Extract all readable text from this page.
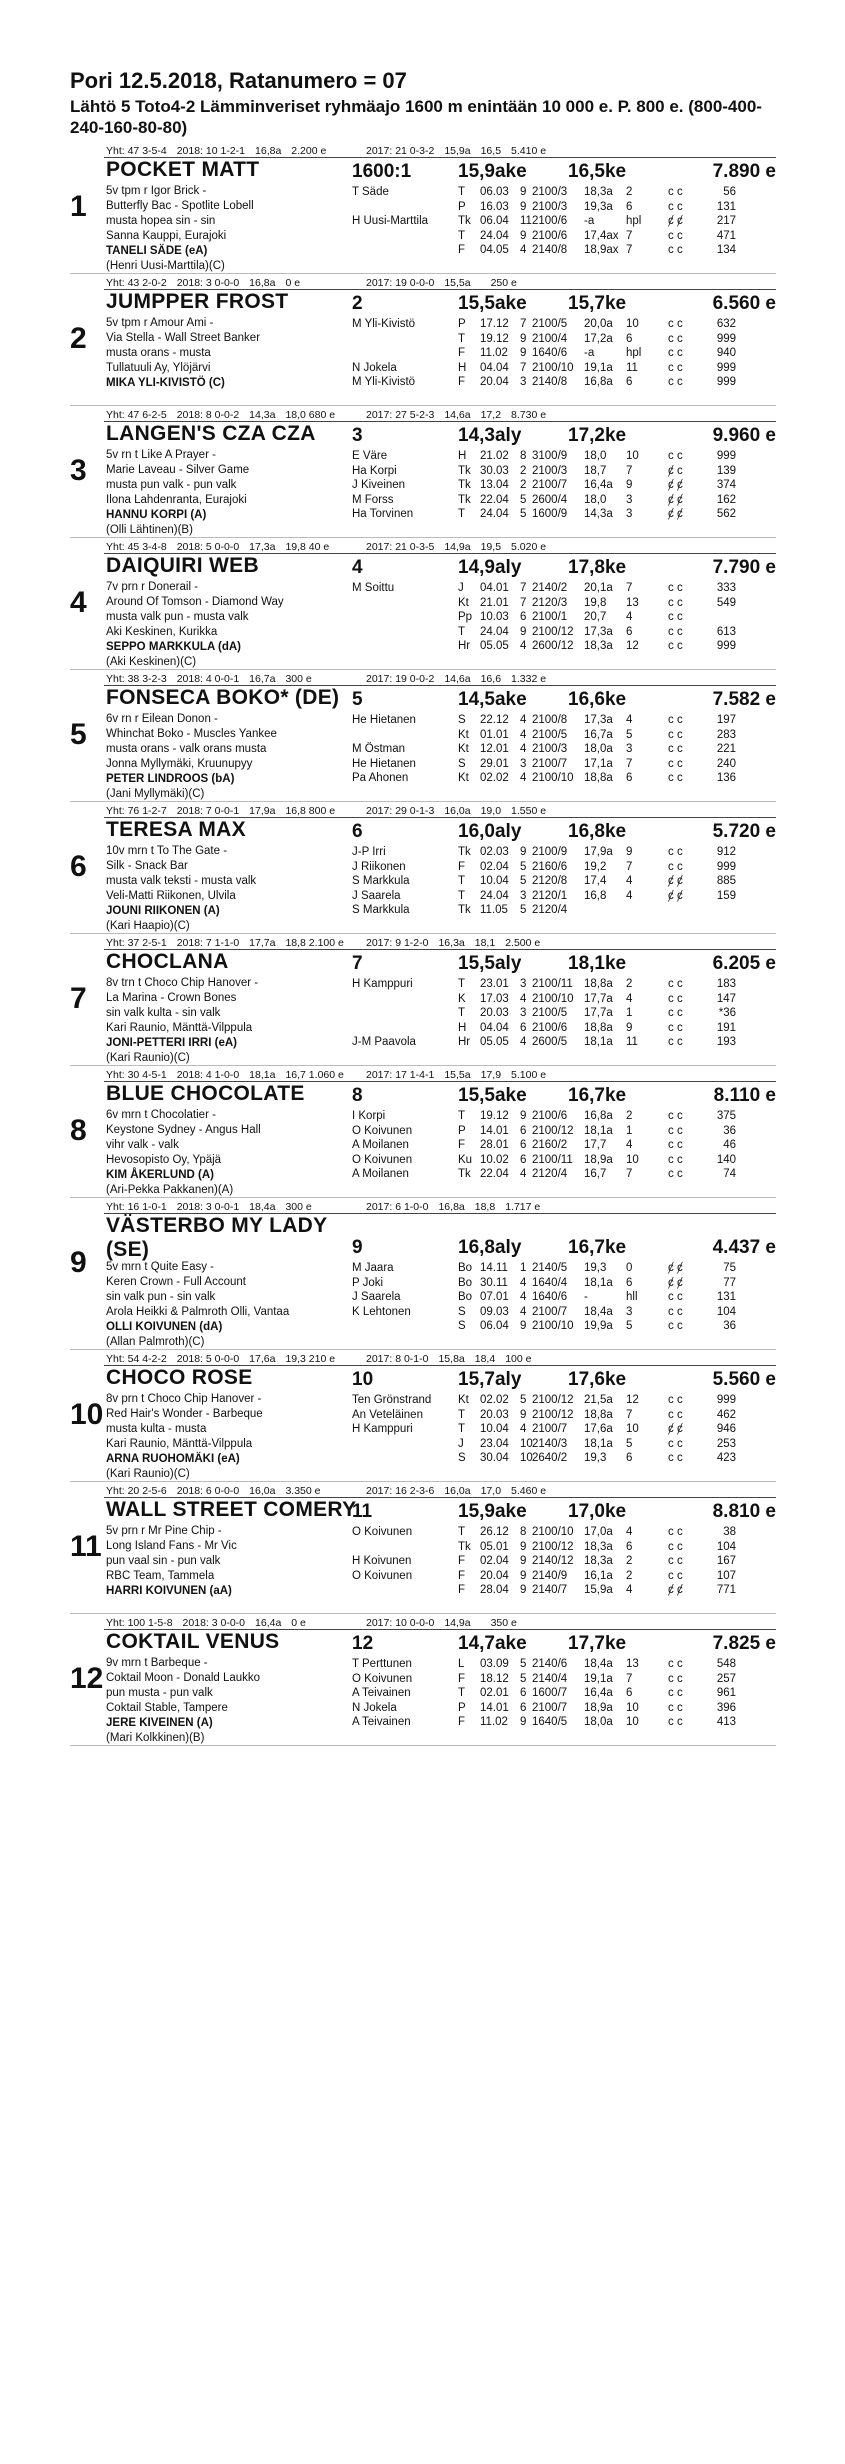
Pori 12.5.2018, Ratanumero = 07
Lähtö 5 Toto4-2 Lämminveriset ryhmäajo 1600 m enintään 10 000 e. P. 800 e. (800-400-240-160-80-80)
Yht: 47 3-5-4 2018: 10 1-2-1 16,8a 2.200 e	2017: 21 0-3-2 15,9a 16,5 5.410 e
1
POCKET MATT	1600:1 15,9ake 16,5ke	7.890 e
5v tpm r Igor Brick -
Butterfly Bac - Spotlite Lobell
musta hopea sin - sin
Sanna Kauppi, Eurajoki
TANELI SÄDE (eA)
(Henri Uusi-Marttila)(C)
T Säde	T 06.03 9 2100/3 18,3a 2	c c	56
P 16.03 9 2100/3 19,3a 6	c c	131
H Uusi-Marttila	Tk 06.04 11 2100/6 -a	hpl ȼ ȼ	217
T 24.04 9 2100/6 17,4ax 7	c c	471
F 04.05 4 2140/8 18,9ax 7	c c	134
Yht: 43 2-0-2 2018: 3 0-0-0 16,8a 0 e	2017: 19 0-0-0 15,5a 250 e
2
JUMPPER FROST	2	15,5ake 15,7ke	6.560 e
5v tpm r Amour Ami -
Via Stella - Wall Street Banker
musta orans - musta
Tullatuuli Ay, Ylöjärvi
MIKA YLI-KIVISTÖ (C)
M Yli-Kivistö	P 17.12 7 2100/5 20,0a 10	c c	632
T 19.12 9 2100/4 17,2a 6	c c	999
F 11.02 9 1640/6 -a	hpl c c	940
N Jokela	H 04.04 7 2100/10 19,1a 11	c c	999
M Yli-Kivistö	F 20.04 3 2140/8 16,8a 6	c c	999
Yht: 47 6-2-5 2018: 8 0-0-2 14,3a 18,0 680 e	2017: 27 5-2-3 14,6a 17,2 8.730 e
3
LANGEN'S CZA CZA 3	14,3aly 17,2ke	9.960 e
5v rn t Like A Prayer -
Marie Laveau - Silver Game
musta pun valk - pun valk
Ilona Lahdenranta, Eurajoki
HANNU KORPI (A)
(Olli Lähtinen)(B)
E Väre	H 21.02 8 3100/9 18,0 10	c c	999
Ha Korpi	Tk 30.03 2 2100/3 18,7 7	ȼ c	139
J Kiveinen	Tk 13.04 2 2100/7 16,4a 9	ȼ ȼ	374
M Forss	Tk 22.04 5 2600/4 18,0 3	ȼ ȼ	162
Ha Torvinen	T 24.04 5 1600/9 14,3a 3	ȼ ȼ	562
Yht: 45 3-4-8 2018: 5 0-0-0 17,3a 19,8 40 e	2017: 21 0-3-5 14,9a 19,5 5.020 e
4
DAIQUIRI WEB	4	14,9aly 17,8ke	7.790 e
7v prn r Donerail -
Around Of Tomson - Diamond Way
musta valk pun - musta valk
Aki Keskinen, Kurikka
SEPPO MARKKULA (dA)
(Aki Keskinen)(C)
M Soittu	J 04.01 7 2140/2 20,1a 7	c c	333
Kt 21.01 7 2120/3 19,8 13	c c	549
Pp 10.03 6 2100/1 20,7 4	c c
T 24.04 9 2100/12 17,3a 6	c c	613
Hr 05.05 4 2600/12 18,3a 12	c c	999
Yht: 38 3-2-3 2018: 4 0-0-1 16,7a 300 e	2017: 19 0-0-2 14,6a 16,6 1.332 e
5
FONSECA BOKO* (DE) 5	14,5ake 16,6ke	7.582 e
6v rn r Eilean Donon -
Whinchat Boko - Muscles Yankee
musta orans - valk orans musta
Jonna Myllymäki, Kruunupyy
PETER LINDROOS (bA)
(Jani Myllymäki)(C)
He Hietanen	S 22.12 4 2100/8 17,3a 4	c c	197
Kt 01.01 4 2100/5 16,7a 5	c c	283
M Östman	Kt 12.01 4 2100/3 18,0a 3	c c	221
He Hietanen	S 29.01 3 2100/7 17,1a 7	c c	240
Pa Ahonen	Kt 02.02 4 2100/10 18,8a 6	c c	136
Yht: 76 1-2-7 2018: 7 0-0-1 17,9a 16,8 800 e	2017: 29 0-1-3 16,0a 19,0 1.550 e
6
TERESA MAX	6	16,0aly 16,8ke	5.720 e
10v mrn t To The Gate -
Silk - Snack Bar
musta valk teksti - musta valk
Veli-Matti Riikonen, Ulvila
JOUNI RIIKONEN (A)
(Kari Haapio)(C)
J-P Irri	Tk 02.03 9 2100/9 17,9a 9	c c	912
J Riikonen	F 02.04 5 2160/6 19,2 7	c c	999
S Markkula	T 10.04 5 2120/8 17,4 4	ȼ ȼ	885
J Saarela	T 24.04 3 2120/1 16,8 4	ȼ ȼ	159
S Markkula	Tk 11.05 5 2120/4
Yht: 37 2-5-1 2018: 7 1-1-0 17,7a 18,8 2.100 e 2017: 9 1-2-0 16,3a 18,1 2.500 e
7
CHOCLANA	7	15,5aly 18,1ke	6.205 e
8v trn t Choco Chip Hanover -
La Marina - Crown Bones
sin valk kulta - sin valk
Kari Raunio, Mänttä-Vilppula
JONI-PETTERI IRRI (eA)
(Kari Raunio)(C)
H Kamppuri	T 23.01 3 2100/11 18,8a 2	c c	183
K 17.03 4 2100/10 17,7a 4	c c	147
T 20.03 3 2100/5 17,7a 1	c c	*36
H 04.04 6 2100/6 18,8a 9	c c	191
J-M Paavola	Hr 05.05 4 2600/5 18,1a 11	c c	193
Yht: 30 4-5-1 2018: 4 1-0-0 18,1a 16,7 1.060 e 2017: 17 1-4-1 15,5a 17,9 5.100 e
8
BLUE CHOCOLATE 8	15,5ake 16,7ke	8.110 e
6v mrn t Chocolatier -
Keystone Sydney - Angus Hall
vihr valk - valk
Hevosopisto Oy, Ypäjä
KIM ÅKERLUND (A)
(Ari-Pekka Pakkanen)(A)
I Korpi	T 19.12 9 2100/6 16,8a 2	c c	375
O Koivunen	P 14.01 6 2100/12 18,1a 1	c c	36
A Moilanen	F 28.01 6 2160/2 17,7 4	c c	46
O Koivunen	Ku 10.02 6 2100/11 18,9a 10	c c	140
A Moilanen	Tk 22.04 4 2120/4 16,7 7	c c	74
Yht: 16 1-0-1 2018: 3 0-0-1 18,4a 300 e	2017: 6 1-0-0 16,8a 18,8 1.717 e
9
VÄSTERBO MY LADY (SE)	9	16,8aly 16,7ke	4.437 e
5v mrn t Quite Easy -
Keren Crown - Full Account
sin valk pun - sin valk
Arola Heikki & Palmroth Olli, Vantaa
OLLI KOIVUNEN (dA)
(Allan Palmroth)(C)
M Jaara	Bo 14.11 1 2140/5 19,3 0	ȼ ȼ	75
P Joki	Bo 30.11 4 1640/4 18,1a 6	ȼ ȼ	77
J Saarela	Bo 07.01 4 1640/6 -	hll	c c	131
K Lehtonen	S 09.03 4 2100/7 18,4a 3	c c	104
S 06.04 9 2100/10 19,9a 5	c c	36
Yht: 54 4-2-2 2018: 5 0-0-0 17,6a 19,3 210 e	2017: 8 0-1-0 15,8a 18,4 100 e
10
CHOCO ROSE	10	15,7aly 17,6ke	5.560 e
8v prn t Choco Chip Hanover -
Red Hair's Wonder - Barbeque
musta kulta - musta
Kari Raunio, Mänttä-Vilppula
ARNA RUOHOMÄKI (eA)
(Kari Raunio)(C)
Ten Grönstrand Kt 02.02 5 2100/12 21,5a 12	c c	999
An Veteläinen	T 20.03 9 2100/12 18,8a 7	c c	462
H Kamppuri	T 10.04 4 2100/7 17,6a 10	ȼ ȼ	946
J 23.04 10 2140/3 18,1a 5	c c	253
S 30.04 10 2640/2 19,3 6	c c	423
Yht: 20 2-5-6 2018: 6 0-0-0 16,0a 3.350 e	2017: 16 2-3-6 16,0a 17,0 5.460 e
11
WALL STREET COMERY
11	15,9ake 17,0ke	8.810 e
5v prn r Mr Pine Chip -
Long Island Fans - Mr Vic
pun vaal sin - pun valk
RBC Team, Tammela
HARRI KOIVUNEN (aA)
O Koivunen	T 26.12 8 2100/10 17,0a 4	c c	38
Tk 05.01 9 2100/12 18,3a 6	c c	104
H Koivunen	F 02.04 9 2140/12 18,3a 2	c c	167
O Koivunen	F 20.04 9 2140/9 16,1a 2	c c	107
F 28.04 9 2140/7 15,9a 4	ȼ ȼ	771
Yht: 100 1-5-8 2018: 3 0-0-0 16,4a 0 e	2017: 10 0-0-0 14,9a 350 e
12
COKTAIL VENUS	12	14,7ake 17,7ke	7.825 e
9v mrn t Barbeque -
Coktail Moon - Donald Laukko
pun musta - pun valk
Coktail Stable, Tampere
JERE KIVEINEN (A)
(Mari Kolkkinen)(B)
T Perttunen	L 03.09 5 2140/6 18,4a 13	c c	548
O Koivunen	F 18.12 5 2140/4 19,1a 7	c c	257
A Teivainen	T 02.01 6 1600/7 16,4a 6	c c	961
N Jokela	P 14.01 6 2100/7 18,9a 10	c c	396
A Teivainen	F 11.02 9 1640/5 18,0a 10	c c	413
